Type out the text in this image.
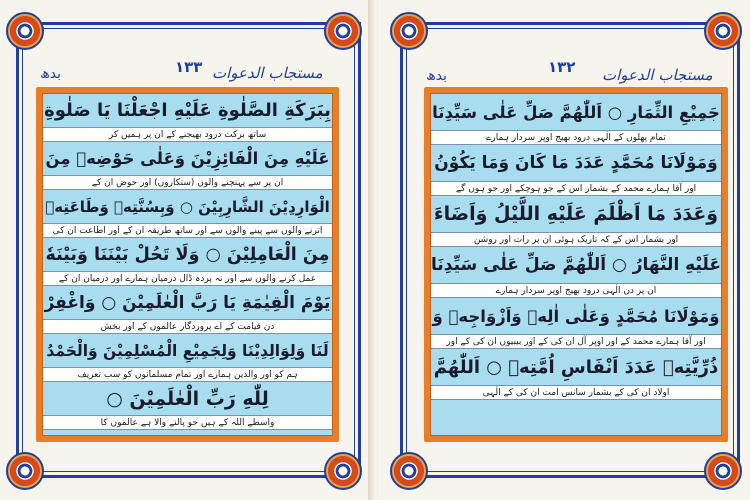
مستجاب الدعوات
۱۳۳
بدھ
بِبَرَكَةِ الصَّلٰوةِ عَلَيْهِ اجْعَلْنَا يَا صَلٰوةِ
ساتھ برکت درود بھیجنے کے ان پر ہمیں کر
عَلَيْهِ مِنَ الْفَائِزِيْنَ وَعَلٰى حَوْضِهٖ مِنَ
ان پر سے پہنچنے والوں (ستکاروں) اور حوض ان کے
الْوَارِدِيْنَ الشَّارِبِيْنَ ○ وَبِسُنَّتِهٖ وَطَاعَتِهٖ
اترنے والوں سے پینے والوں سے اور ساتھ طریقہ ان کے اور اطاعت ان کی
مِنَ الْعَامِلِيْنَ ○ وَلَا تَحُلْ بَيْنَنَا وَبَيْنَهٗ
عمل کرنے والوں سے اور نہ پردہ ڈال درمیان ہمارے اور درمیان ان کے
يَوْمَ الْقِيٰمَةِ يَا رَبَّ الْعٰلَمِيْنَ ○ وَاغْفِرْ
دن قیامت کے اے پروردگار عالموں کے اور بخش
لَنَا وَلِوَالِدِيْنَا وَلِجَمِيْعِ الْمُسْلِمِيْنَ وَالْحَمْدُ
ہم کو اور والدین ہمارے اور تمام مسلمانوں کو سب تعریف
لِلّٰهِ رَبِّ الْعٰلَمِيْنَ ○
واسطے اللہ کے ہیں جو پالنے والا ہے عالموں کا
مستجاب الدعوات
۱۳۲
بدھ
جَمِيْعِ الثِّمَارِ ○ اَللّٰهُمَّ صَلِّ عَلٰى سَيِّدِنَا
تمام پھلوں کے الٰہی درود بھیج اوپر سردار ہمارے
وَمَوْلَانَا مُحَمَّدٍ عَدَدَ مَا كَانَ وَمَا يَكُوْنُ
اور آقا ہمارے محمد کے بشمار اس کے جو ہوچکے اور جو ہوں گے
وَعَدَدَ مَا اَظْلَمَ عَلَيْهِ اللَّيْلُ وَاَضَاءَ
اور بشمار اس کے کہ تاریک ہوئی ان پر رات اور روشن
عَلَيْهِ النَّهَارُ ○ اَللّٰهُمَّ صَلِّ عَلٰى سَيِّدِنَا
ان پر دن الٰہی درود بھیج اوپر سردار ہمارے
وَمَوْلَانَا مُحَمَّدٍ وَعَلٰى اٰلِهٖ وَاَزْوَاجِهٖ وَ
اور آقا ہمارے محمد کے اور اوپر آل ان کی کے اور بیبیوں ان کی کے اور
ذُرِّيَّتِهٖ عَدَدَ اَنْفَاسِ اُمَّتِهٖ ○ اَللّٰهُمَّ
اولاد ان کی کے بشمار سانس امت ان کی کے الٰہی
